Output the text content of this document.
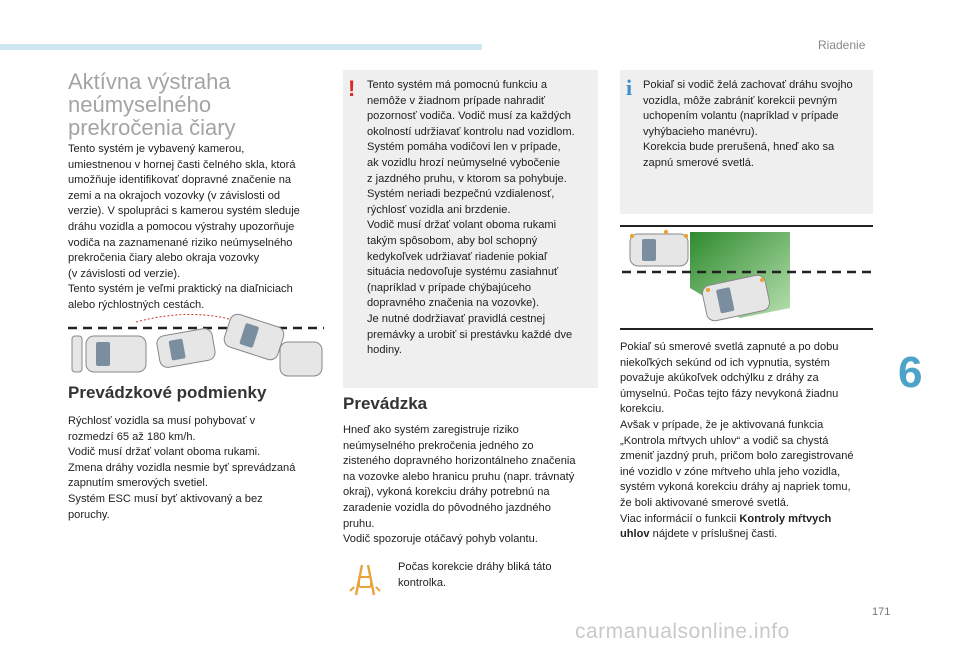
Riadenie
6
171
carmanualsonline.info
Aktívna výstraha
neúmyselného
prekročenia čiary
Tento systém je vybavený kamerou,
umiestnenou v hornej časti čelného skla, ktorá
umožňuje identifikovať dopravné značenie na
zemi a na okrajoch vozovky (v závislosti od
verzie). V spolupráci s kamerou systém sleduje
dráhu vozidla a pomocou výstrahy upozorňuje
vodiča na zaznamenané riziko neúmyselného
prekročenia čiary alebo okraja vozovky
(v závislosti od verzie).
Tento systém je veľmi praktický na diaľniciach
alebo rýchlostných cestách.
Prevádzkové podmienky
Rýchlosť vozidla sa musí pohybovať v
rozmedzí 65 až 180 km/h.
Vodič musí držať volant oboma rukami.
Zmena dráhy vozidla nesmie byť sprevádzaná
zapnutím smerových svetiel.
Systém ESC musí byť aktivovaný a bez
poruchy.
! Tento systém má pomocnú funkciu a
nemôže v žiadnom prípade nahradiť
pozornosť vodiča. Vodič musí za každých
okolností udržiavať kontrolu nad vozidlom.
Systém pomáha vodičovi len v prípade,
ak vozidlu hrozí neúmyselné vybočenie
z jazdného pruhu, v ktorom sa pohybuje.
Systém neriadi bezpečnú vzdialenosť,
rýchlosť vozidla ani brzdenie.
Vodič musí držať volant oboma rukami
takým spôsobom, aby bol schopný
kedykoľvek udržiavať riadenie pokiaľ
situácia nedovoľuje systému zasiahnuť
(napríklad v prípade chýbajúceho
dopravného značenia na vozovke).
Je nutné dodržiavať pravidlá cestnej
premávky a urobiť si prestávku každé dve
hodiny.
Prevádzka
Hneď ako systém zaregistruje riziko
neúmyselného prekročenia jedného zo
zisteného dopravného horizontálneho značenia
na vozovke alebo hranicu pruhu (napr. trávnatý
okraj), vykoná korekciu dráhy potrebnú na
zaradenie vozidla do pôvodného jazdného
pruhu.
Vodič spozoruje otáčavý pohyb volantu.
Počas korekcie dráhy bliká táto
kontrolka.
i Pokiaľ si vodič želá zachovať dráhu svojho
vozidla, môže zabrániť korekcii pevným
uchopením volantu (napríklad v prípade
vyhýbacieho manévru).
Korekcia bude prerušená, hneď ako sa
zapnú smerové svetlá.
Pokiaľ sú smerové svetlá zapnuté a po dobu
niekoľkých sekúnd od ich vypnutia, systém
považuje akúkoľvek odchýlku z dráhy za
úmyselnú. Počas tejto fázy nevykoná žiadnu
korekciu.
Avšak v prípade, že je aktivovaná funkcia
„Kontrola mŕtvych uhlov“ a vodič sa chystá
zmeniť jazdný pruh, pričom bolo zaregistrované
iné vozidlo v zóne mŕtveho uhla jeho vozidla,
systém vykoná korekciu dráhy aj napriek tomu,
že boli aktivované smerové svetlá.
Viac informácií o funkcii Kontroly mŕtvych
uhlov nájdete v príslušnej časti.
